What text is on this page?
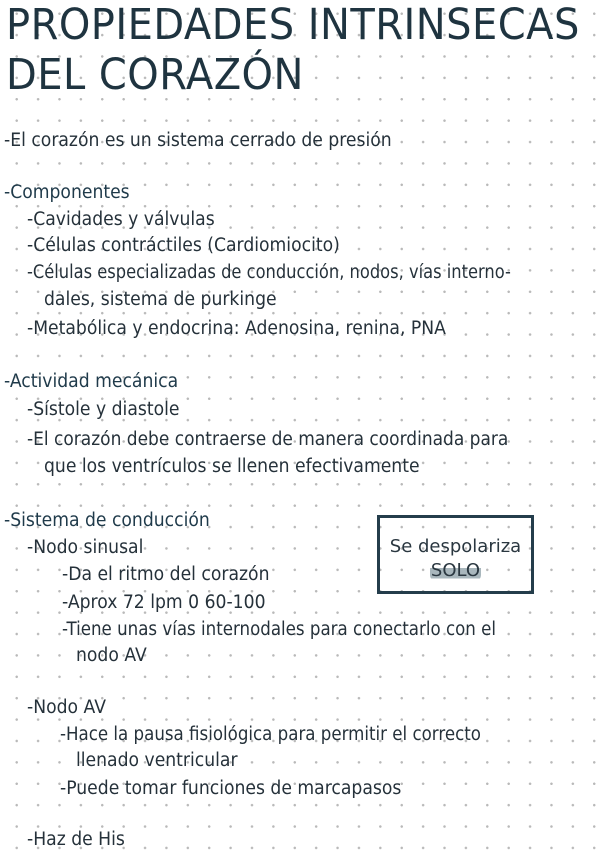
PROPIEDADES INTRINSECAS
DEL CORAZÓN
-El corazón es un sistema cerrado de presión
-Componentes
-Cavidades y válvulas
-Células contráctiles (Cardiomiocito)
-Células especializadas de conducción, nodos, vías interno-
dales, sistema de purkinge
-Metabólica y endocrina: Adenosina, renina, PNA
-Actividad mecánica
-Sístole y diastole
-El corazón debe contraerse de manera coordinada para
que los ventrículos se llenen efectivamente
-Sistema de conducción
-Nodo sinusal
-Da el ritmo del corazón
-Aprox 72 lpm 0 60-100
-Tiene unas vías internodales para conectarlo con el
nodo AV
-Nodo AV
-Hace la pausa fisiológica para permitir el correcto
llenado ventricular
-Puede tomar funciones de marcapasos
-Haz de His
Se despolariza
SOLO
